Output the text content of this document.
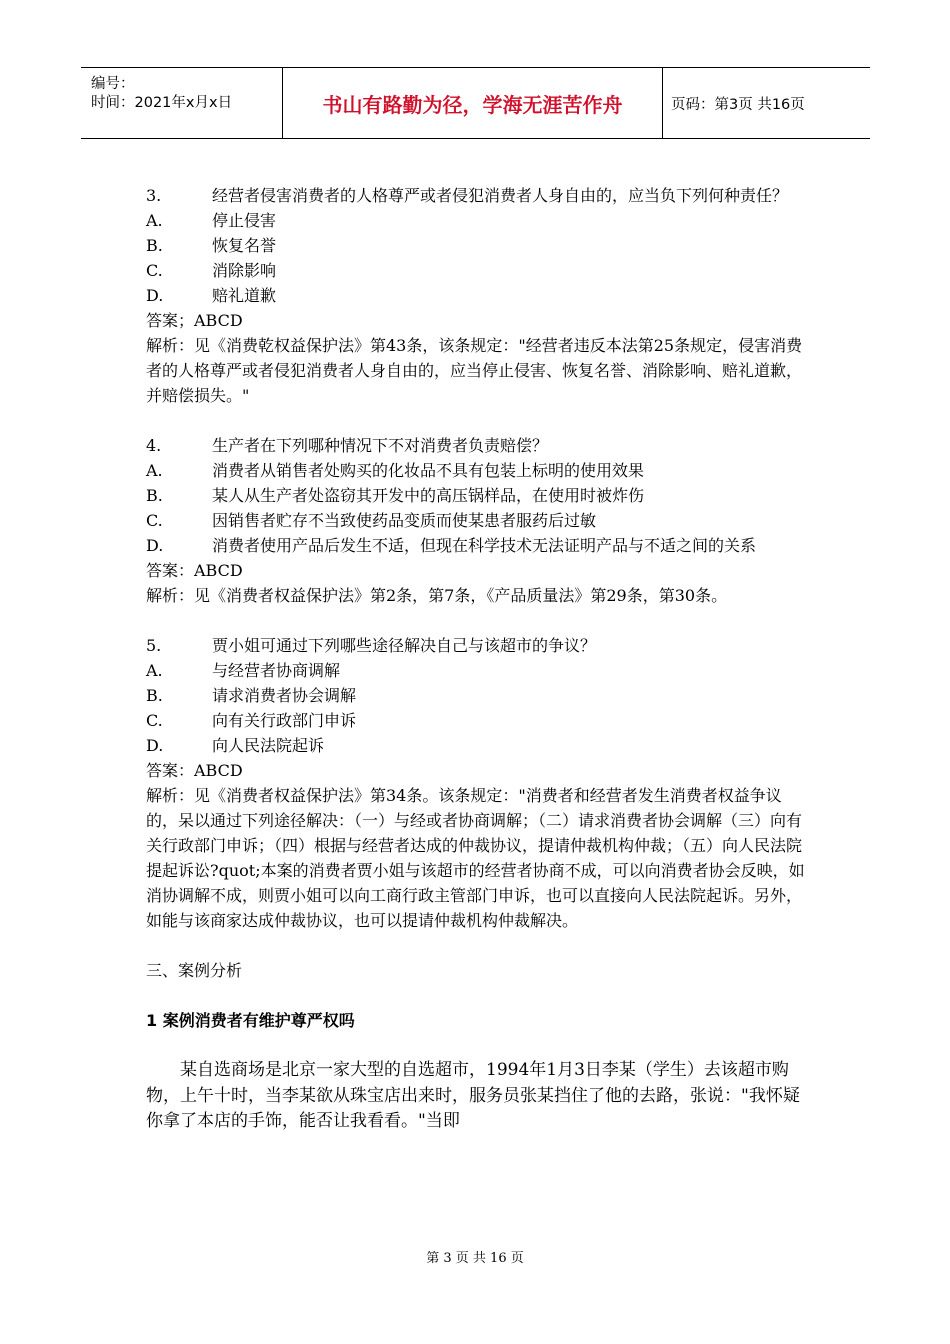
编号：
时间：2021年x月x日	书山有路勤为径，学海无涯苦作舟	页码：第3页 共16页

3.	经营者侵害消费者的人格尊严或者侵犯消费者人身自由的，应当负下列何种责任？

A.	停止侵害

B.	恢复名誉

C.	消除影响

D.	赔礼道歉

答案；ABCD

解析：见《消费乾权益保护法》第43条，该条规定："经营者违反本法第25条规定，侵害消费者的人格尊严或者侵犯消费者人身自由的，应当停止侵害、恢复名誉、消除影响、赔礼道歉，并赔偿损失。"

4.	生产者在下列哪种情况下不对消费者负责赔偿？

A.	消费者从销售者处购买的化妆品不具有包装上标明的使用效果

B.	某人从生产者处盗窃其开发中的高压锅样品，在使用时被炸伤

C.	因销售者贮存不当致使药品变质而使某患者服药后过敏

D.	消费者使用产品后发生不适，但现在科学技术无法证明产品与不适之间的关系

答案：ABCD

解析：见《消费者权益保护法》第2条，第7条，《产品质量法》第29条，第30条。

5.	贾小姐可通过下列哪些途径解决自己与该超市的争议？

A.	与经营者协商调解

B.	请求消费者协会调解

C.	向有关行政部门申诉

D.	向人民法院起诉

答案：ABCD

解析：见《消费者权益保护法》第34条。该条规定："消费者和经营者发生消费者权益争议的，呆以通过下列途径解决：（一）与经或者协商调解；（二）请求消费者协会调解（三）向有关行政部门申诉；（四）根据与经营者达成的仲裁协议，提请仲裁机构仲裁；（五）向人民法院提起诉讼?quot;本案的消费者贾小姐与该超市的经营者协商不成，可以向消费者协会反映，如消协调解不成，则贾小姐可以向工商行政主管部门申诉，也可以直接向人民法院起诉。另外，如能与该商家达成仲裁协议，也可以提请仲裁机构仲裁解决。

三、案例分析

1 案例消费者有维护尊严权吗

某自选商场是北京一家大型的自选超市，1994年1月3日李某（学生）去该超市购物，上午十时，当李某欲从珠宝店出来时，服务员张某挡住了他的去路，张说："我怀疑你拿了本店的手饰，能否让我看看。"当即

第 3 页 共 16 页
